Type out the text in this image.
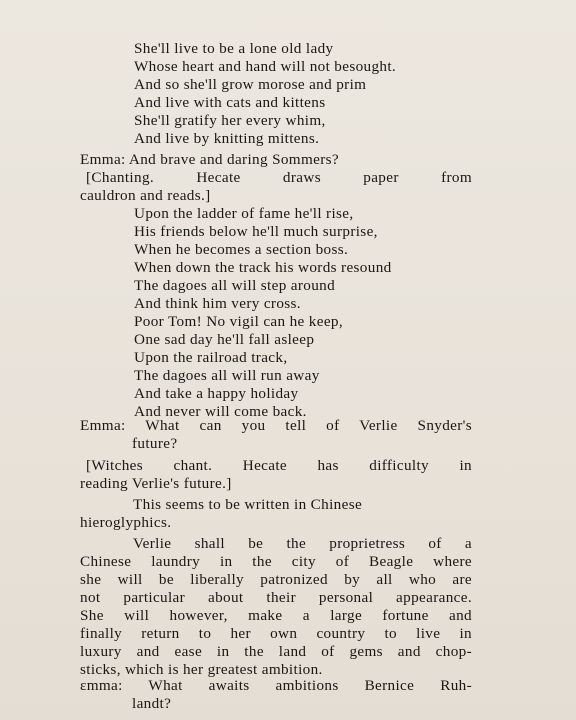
She'll live to be a lone old lady
Whose heart and hand will not besought.
And so she'll grow morose and prim
And live with cats and kittens
She'll gratify her every whim,
And live by knitting mittens.
Emma: And brave and daring Sommers?
[Chanting. Hecate draws paper from
cauldron and reads.]
Upon the ladder of fame he'll rise,
His friends below he'll much surprise,
When he becomes a section boss.
When down the track his words resound
The dagoes all will step around
And think him very cross.
Poor Tom! No vigil can he keep,
One sad day he'll fall asleep
Upon the railroad track,
The dagoes all will run away
And take a happy holiday
And never will come back.
Emma: What can you tell of Verlie Snyder's
future?
[Witches chant. Hecate has difficulty in
reading Verlie's future.]
This seems to be written in Chinese
hieroglyphics.
Verlie shall be the proprietress of a
Chinese laundry in the city of Beagle where
she will be liberally patronized by all who are
not particular about their personal appearance.
She will however, make a large fortune and
finally return to her own country to live in
luxury and ease in the land of gems and chop-
sticks, which is her greatest ambition.
ɛmma: What awaits ambitions Bernice Ruh-
landt?
